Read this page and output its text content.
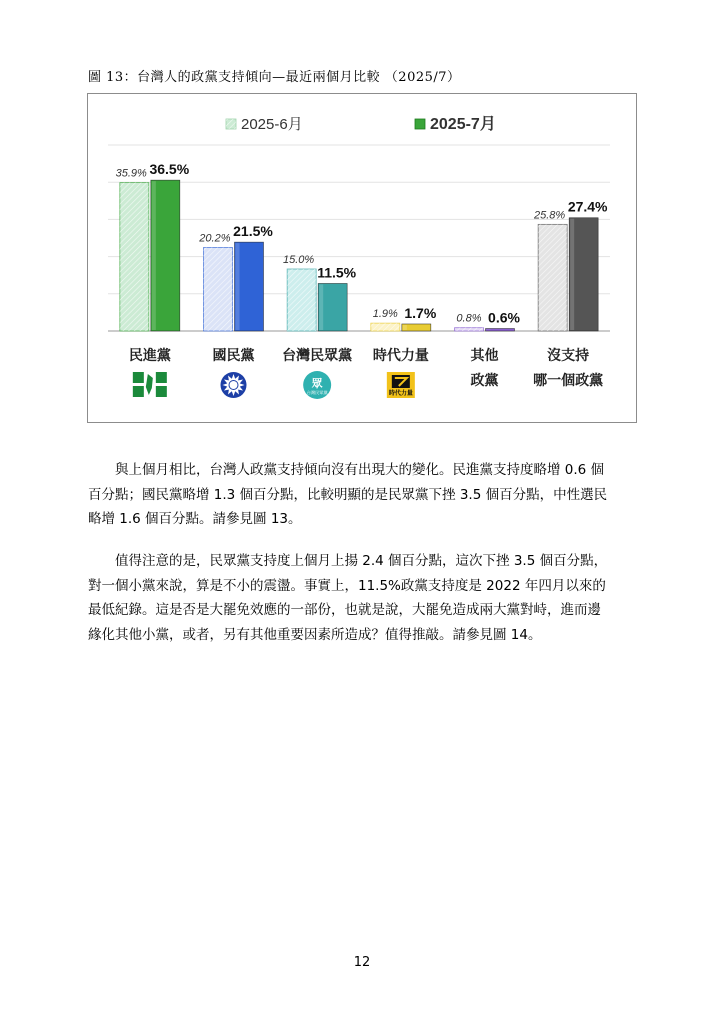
圖 13：台灣人的政黨支持傾向—最近兩個月比較 （2025/7）
2025-6月	2025-7月
35.9% 36.5%
20.2% 21.5%
15.0%
11.5%
1.9% 1.7% 0.8% 0.6%
25.8%
27.4%
民進黨	國民黨 台灣民眾黨 時代力量	其他
政黨
沒支持
哪一個政黨
眾
台灣民眾黨	時代力量
與上個月相比，台灣人政黨支持傾向沒有出現大的變化。民進黨支持度略增 0.6 個
百分點；國民黨略增 1.3 個百分點，比較明顯的是民眾黨下挫 3.5 個百分點，中性選民
略增 1.6 個百分點。請參見圖 13。
值得注意的是，民眾黨支持度上個月上揚 2.4 個百分點，這次下挫 3.5 個百分點，
對一個小黨來說，算是不小的震盪。事實上，11.5%政黨支持度是 2022 年四月以來的
最低紀錄。這是否是大罷免效應的一部份，也就是說，大罷免造成兩大黨對峙，進而邊
緣化其他小黨，或者，另有其他重要因素所造成？值得推敲。請參見圖 14。
12
